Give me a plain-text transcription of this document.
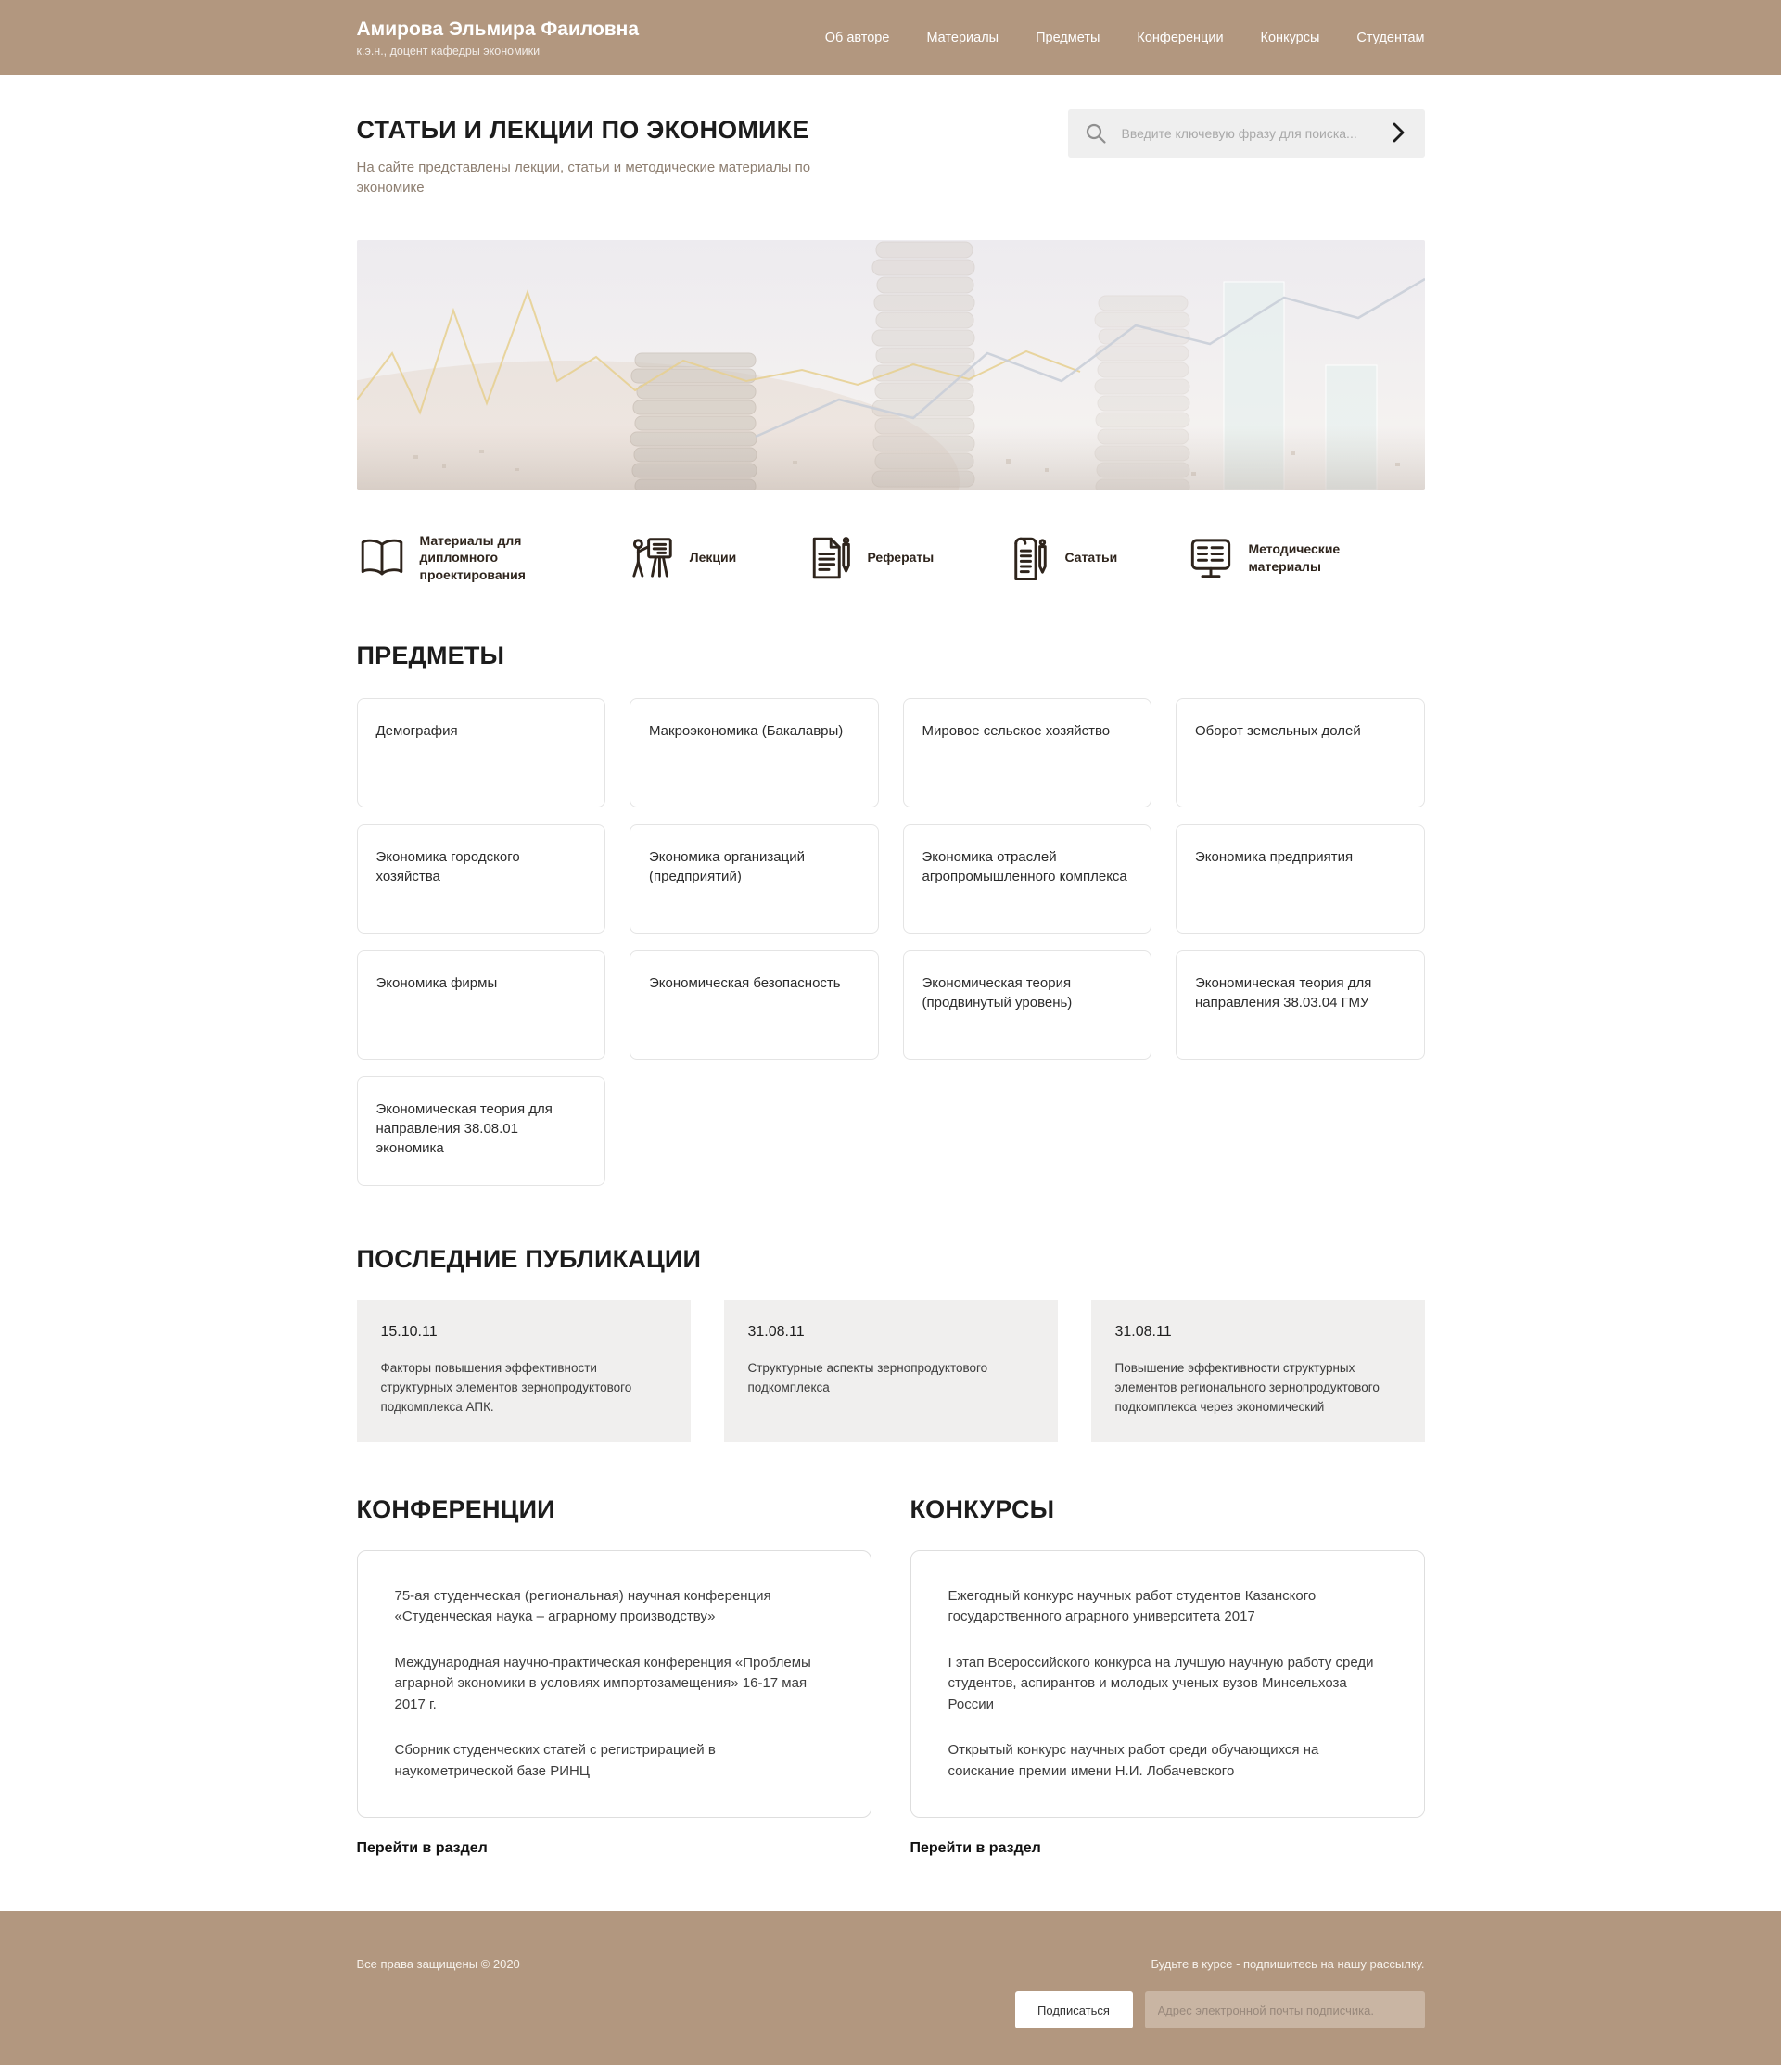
Амирова Эльмира Фаиловна
к.э.н., доцент кафедры экономики
Об авторе	Материалы	Предметы	Конференции	Конкурсы	Студентам
СТАТЬИ И ЛЕКЦИИ ПО ЭКОНОМИКЕ

На сайте представлены лекции, статьи и методические материалы по экономике

Введите ключевую фразу для поиска...
Материалы для дипломного проектирования
Лекции	Рефераты	Сататьи
Методические материалы
ПРЕДМЕТЫ
Демография	Макроэкономика (Бакалавры)	Мировое сельское хозяйство	Оборот земельных долей
Экономика городского хозяйства
Экономика организаций (предприятий)
Экономика отраслей агропромышленного комплекса
Экономика предприятия
Экономика фирмы	Экономическая безопасность	Экономическая теория (продвинутый уровень)
Экономическая теория для направления 38.03.04 ГМУ
Экономическая теория для направления 38.08.01 экономика
ПОСЛЕДНИЕ ПУБЛИКАЦИИ
15.10.11
Факторы повышения эффективности структурных элементов зернопродуктового подкомплекса АПК.
31.08.11
Структурные аспекты зернопродуктового подкомплекса
31.08.11
Повышение эффективности структурных элементов регионального зернопродуктового подкомплекса через экономический
КОНФЕРЕНЦИИ

75-ая студенческая (региональная) научная конференция «Студенческая наука – аграрному производству»

Международная научно-практическая конференция «Проблемы аграрной экономики в условиях импортозамещения» 16-17 мая 2017 г.

Сборник студенческих статей с регистрирацией в наукометрической базе РИНЦ

Перейти в раздел
КОНКУРСЫ

Ежегодный конкурс научных работ студентов Казанского государственного аграрного университета 2017

I этап Всероссийского конкурса на лучшую научную работу среди студентов, аспирантов и молодых ученых вузов Минсельхоза России

Открытый конкурс научных работ среди обучающихся на соискание премии имени Н.И. Лобачевского

Перейти в раздел
Все права защищены © 2020	Будьте в курсе - подпишитесь на нашу рассылку.
Подписаться
Адрес электронной почты подписчика.
